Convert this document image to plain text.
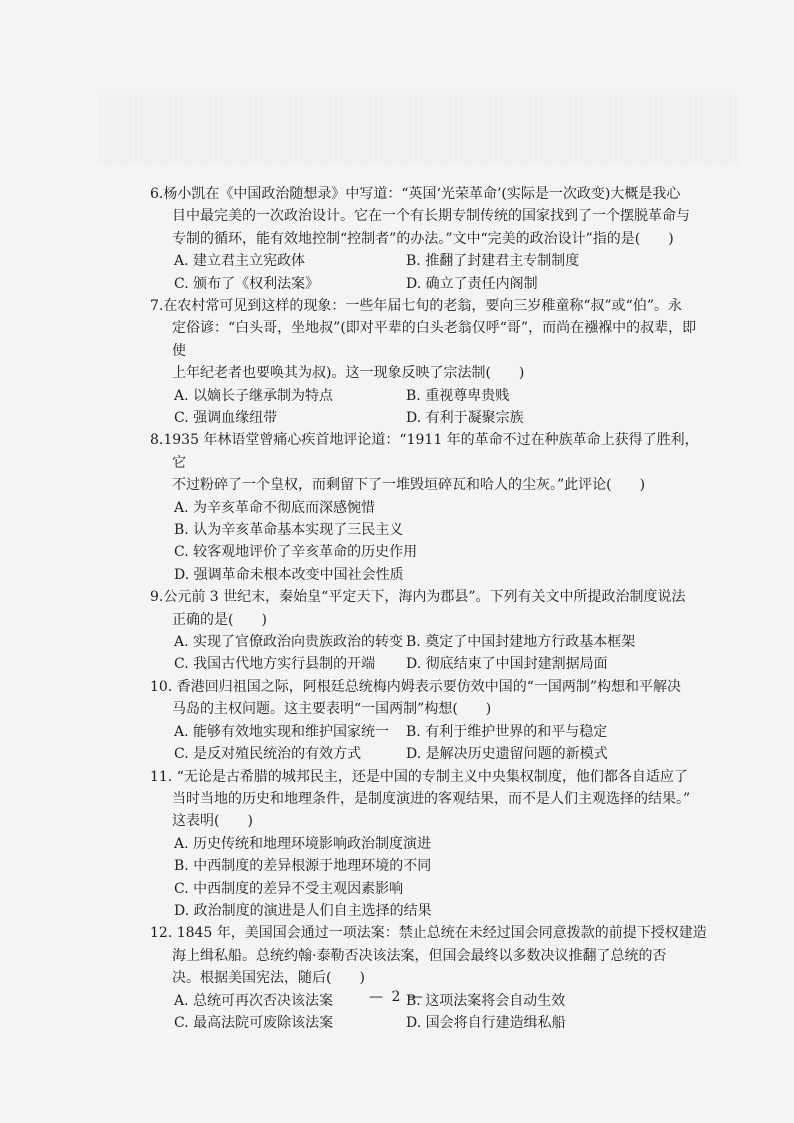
6.杨小凯在《中国政治随想录》中写道：“英国‘光荣革命’(实际是一次政变)大概是我心

目中最完美的一次政治设计。它在一个有长期专制传统的国家找到了一个摆脱革命与

专制的循环，能有效地控制“控制者”的办法。”文中“完美的政治设计”指的是(　　)

A. 建立君主立宪政体	B. 推翻了封建君主专制制度
C. 颁布了《权利法案》	D. 确立了责任内阁制

7.在农村常可见到这样的现象：一些年届七旬的老翁，要向三岁稚童称“叔”或“伯”。永

定俗谚：“白头哥，坐地叔”(即对平辈的白头老翁仅呼“哥”，而尚在襁褓中的叔辈，即使

上年纪老者也要唤其为叔)。这一现象反映了宗法制(　　)

A. 以嫡长子继承制为特点	B. 重视尊卑贵贱
C. 强调血缘纽带	D. 有利于凝聚宗族

8.1935 年林语堂曾痛心疾首地评论道：“1911 年的革命不过在种族革命上获得了胜利，它

不过粉碎了一个皇权，而剩留下了一堆毁垣碎瓦和哈人的尘灰。”此评论(　　)

A. 为辛亥革命不彻底而深感惋惜
B. 认为辛亥革命基本实现了三民主义
C. 较客观地评价了辛亥革命的历史作用
D. 强调革命未根本改变中国社会性质

9.公元前 3 世纪末，秦始皇“平定天下，海内为郡县”。下列有关文中所提政治制度说法

正确的是(　　)

A. 实现了官僚政治向贵族政治的转变 B. 奠定了中国封建地方行政基本框架
C. 我国古代地方实行县制的开端	D. 彻底结束了中国封建割据局面

10. 香港回归祖国之际，阿根廷总统梅内姆表示要仿效中国的“一国两制”构想和平解决

马岛的主权问题。这主要表明“一国两制”构想(　　)

A. 能够有效地实现和维护国家统一	B. 有利于维护世界的和平与稳定
C. 是反对殖民统治的有效方式	D. 是解决历史遗留问题的新模式

11. “无论是古希腊的城邦民主，还是中国的专制主义中央集权制度，他们都各自适应了

当时当地的历史和地理条件，是制度演进的客观结果，而不是人们主观选择的结果。”

这表明(　　)

A. 历史传统和地理环境影响政治制度演进
B. 中西制度的差异根源于地理环境的不同
C. 中西制度的差异不受主观因素影响
D. 政治制度的演进是人们自主选择的结果

12. 1845 年，美国国会通过一项法案：禁止总统在未经过国会同意拨款的前提下授权建造

海上缉私船。总统约翰·泰勒否决该法案，但国会最终以多数决议推翻了总统的否

决。根据美国宪法，随后(　　)

A. 总统可再次否决该法案	B. 这项法案将会自动生效
C. 最高法院可废除该法案	D. 国会将自行建造缉私船
— 2 —
